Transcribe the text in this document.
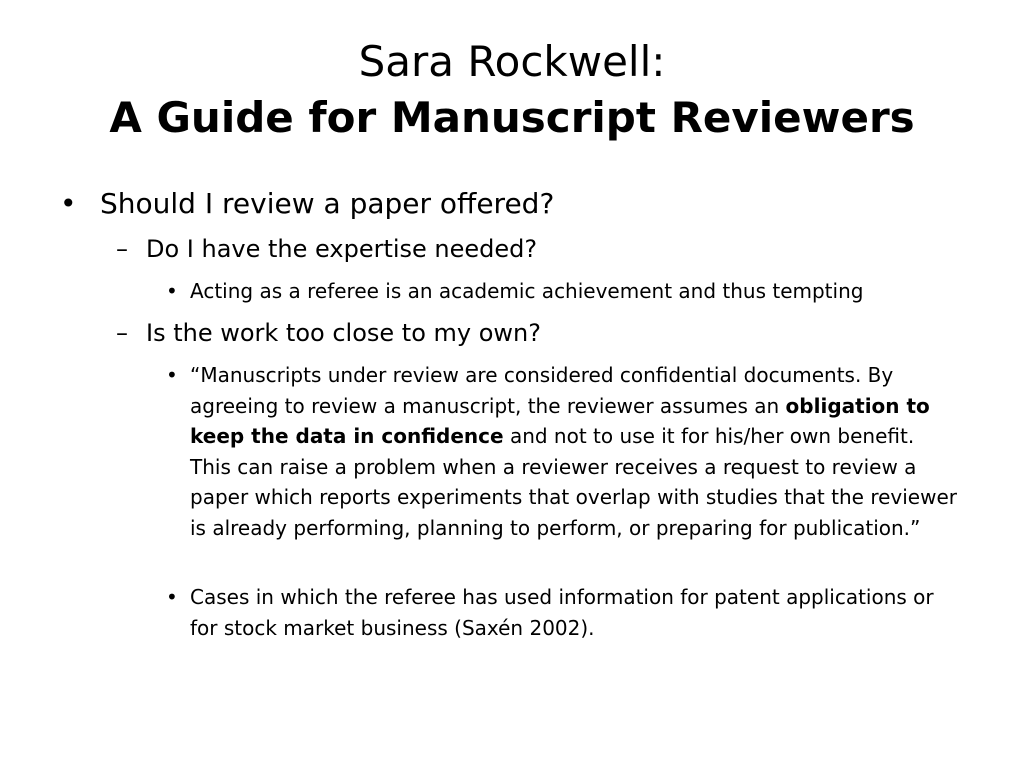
Sara Rockwell:
A Guide for Manuscript Reviewers
• Should I review a paper offered?
– Do I have the expertise needed?
• Acting as a referee is an academic achievement and thus tempting
– Is the work too close to my own?
• “Manuscripts under review are considered confidential documents. By agreeing to review a manuscript, the reviewer assumes an obligation to keep the data in confidence and not to use it for his/her own benefit. This can raise a problem when a reviewer receives a request to review a paper which reports experiments that overlap with studies that the reviewer is already performing, planning to perform, or preparing for publication.”
• Cases in which the referee has used information for patent applications or for stock market business (Saxén 2002).
